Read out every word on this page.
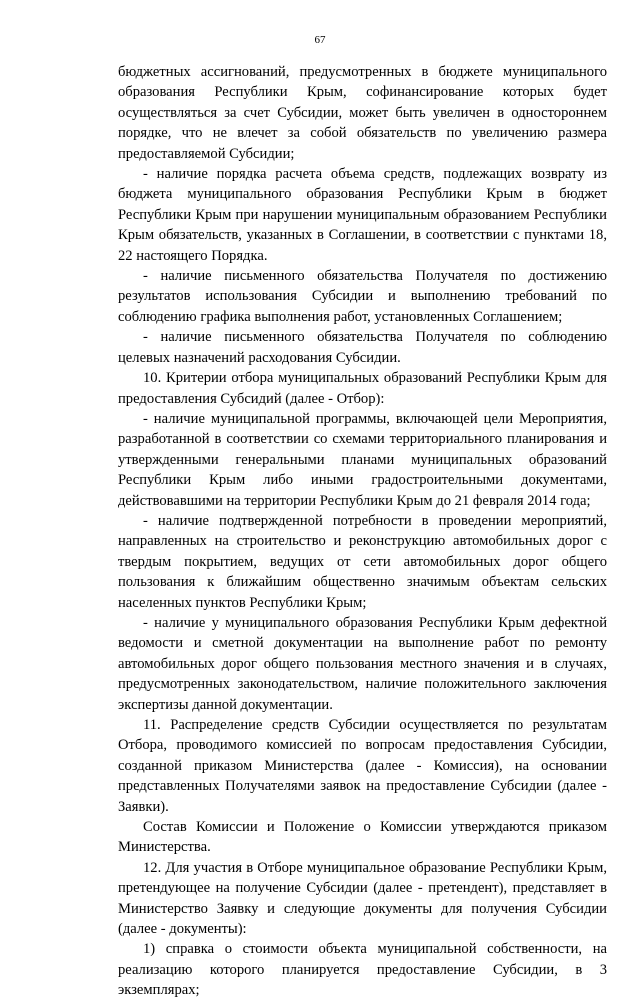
67

бюджетных ассигнований, предусмотренных в бюджете муниципального образования Республики Крым, софинансирование которых будет осуществляться за счет Субсидии, может быть увеличен в одностороннем порядке, что не влечет за собой обязательств по увеличению размера предоставляемой Субсидии;

- наличие порядка расчета объема средств, подлежащих возврату из бюджета муниципального образования Республики Крым в бюджет Республики Крым при нарушении муниципальным образованием Республики Крым обязательств, указанных в Соглашении, в соответствии с пунктами 18, 22 настоящего Порядка.

- наличие письменного обязательства Получателя по достижению результатов использования Субсидии и выполнению требований по соблюдению графика выполнения работ, установленных Соглашением;

- наличие письменного обязательства Получателя по соблюдению целевых назначений расходования Субсидии.

10. Критерии отбора муниципальных образований Республики Крым для предоставления Субсидий (далее - Отбор):

- наличие муниципальной программы, включающей цели Мероприятия, разработанной в соответствии со схемами территориального планирования и утвержденными генеральными планами муниципальных образований Республики Крым либо иными градостроительными документами, действовавшими на территории Республики Крым до 21 февраля 2014 года;

- наличие подтвержденной потребности в проведении мероприятий, направленных на строительство и реконструкцию автомобильных дорог с твердым покрытием, ведущих от сети автомобильных дорог общего пользования к ближайшим общественно значимым объектам сельских населенных пунктов Республики Крым;

- наличие у муниципального образования Республики Крым дефектной ведомости и сметной документации на выполнение работ по ремонту автомобильных дорог общего пользования местного значения и в случаях, предусмотренных законодательством, наличие положительного заключения экспертизы данной документации.

11. Распределение средств Субсидии осуществляется по результатам Отбора, проводимого комиссией по вопросам предоставления Субсидии, созданной приказом Министерства (далее - Комиссия), на основании представленных Получателями заявок на предоставление Субсидии (далее - Заявки).

Состав Комиссии и Положение о Комиссии утверждаются приказом Министерства.

12. Для участия в Отборе муниципальное образование Республики Крым, претендующее на получение Субсидии (далее - претендент), представляет в Министерство Заявку и следующие документы для получения Субсидии (далее - документы):

1) справка о стоимости объекта муниципальной собственности, на реализацию которого планируется предоставление Субсидии, в 3 экземплярах;
